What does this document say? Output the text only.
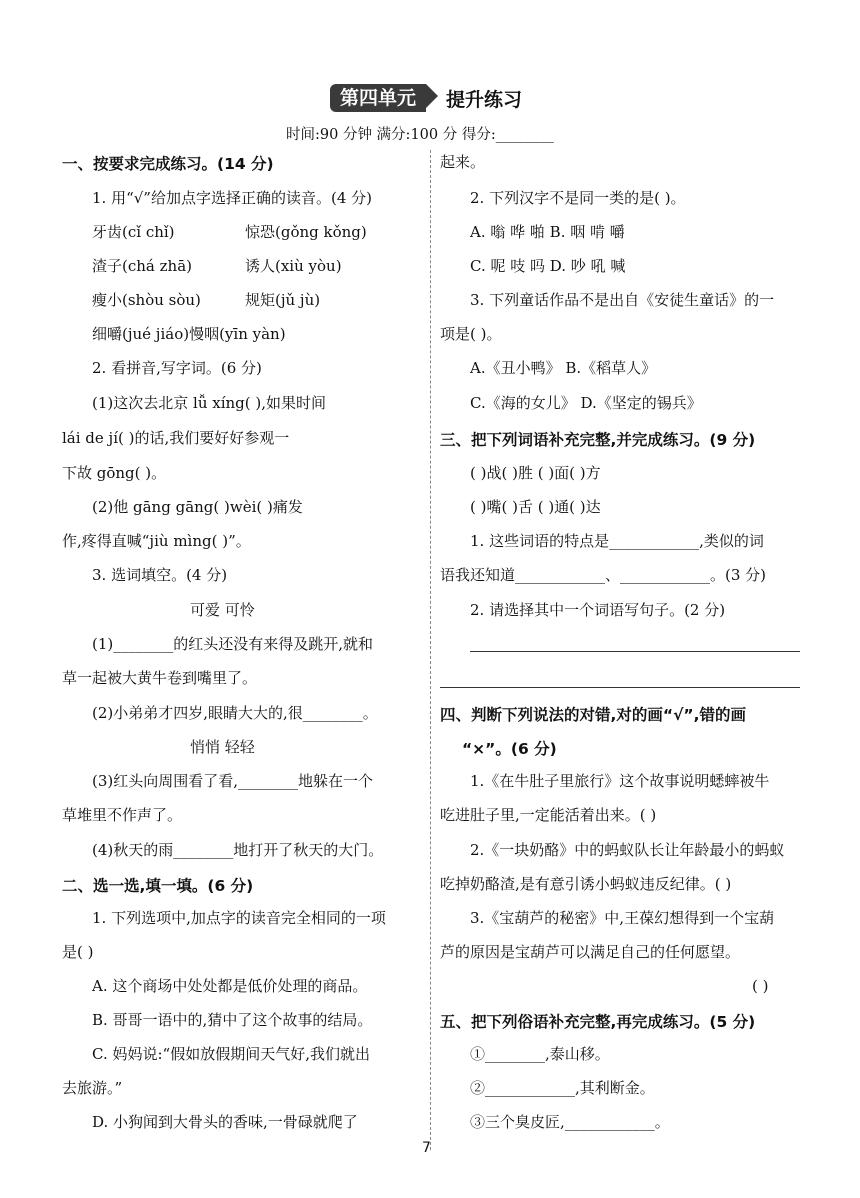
第四单元	提升练习
时间:90 分钟 满分:100 分 得分:________
一、按要求完成练习。(14 分)
1. 用“√”给加点字选择正确的读音。(4 分)
牙齿(cǐ chǐ)	惊恐(gǒng kǒng)
渣子(chá zhā)	诱人(xiù yòu)
瘦小(shòu sòu)	规矩(jǔ jù)
细嚼(jué jiáo)慢咽(yīn yàn)
2. 看拼音,写字词。(6 分)
(1)这次去北京 lǚ xíng( ),如果时间
lái de jí( )的话,我们要好好参观一
下故 gōng( )。
(2)他 gāng gāng( )wèi( )痛发
作,疼得直喊“jiù mìng( )”。
3. 选词填空。(4 分)
可爱 可怜
(1)________的红头还没有来得及跳开,就和
草一起被大黄牛卷到嘴里了。
(2)小弟弟才四岁,眼睛大大的,很________。
悄悄 轻轻
(3)红头向周围看了看,________地躲在一个
草堆里不作声了。
(4)秋天的雨________地打开了秋天的大门。
二、选一选,填一填。(6 分)
1. 下列选项中,加点字的读音完全相同的一项
是( )
A. 这个商场中处处都是低价处理的商品。
B. 哥哥一语中的,猜中了这个故事的结局。
C. 妈妈说:“假如放假期间天气好,我们就出
去旅游。”
D. 小狗闻到大骨头的香味,一骨碌就爬了
起来。
2. 下列汉字不是同一类的是( )。
A. 嗡 哗 啪 B. 咽 啃 嚼
C. 呢 吱 吗 D. 吵 吼 喊
3. 下列童话作品不是出自《安徒生童话》的一
项是( )。
A.《丑小鸭》 B.《稻草人》
C.《海的女儿》 D.《坚定的锡兵》
三、把下列词语补充完整,并完成练习。(9 分)
( )战( )胜 ( )面( )方
( )嘴( )舌 ( )通( )达
1. 这些词语的特点是____________,类似的词
语我还知道____________、____________。(3 分)
2. 请选择其中一个词语写句子。(2 分)
四、判断下列说法的对错,对的画“√”,错的画
“×”。(6 分)
1.《在牛肚子里旅行》这个故事说明蟋蟀被牛
吃进肚子里,一定能活着出来。( )
2.《一块奶酪》中的蚂蚁队长让年龄最小的蚂蚁
吃掉奶酪渣,是有意引诱小蚂蚁违反纪律。( )
3.《宝葫芦的秘密》中,王葆幻想得到一个宝葫
芦的原因是宝葫芦可以满足自己的任何愿望。
( )
五、把下列俗语补充完整,再完成练习。(5 分)
①________,泰山移。
②____________,其利断金。
③三个臭皮匠,____________。
7
